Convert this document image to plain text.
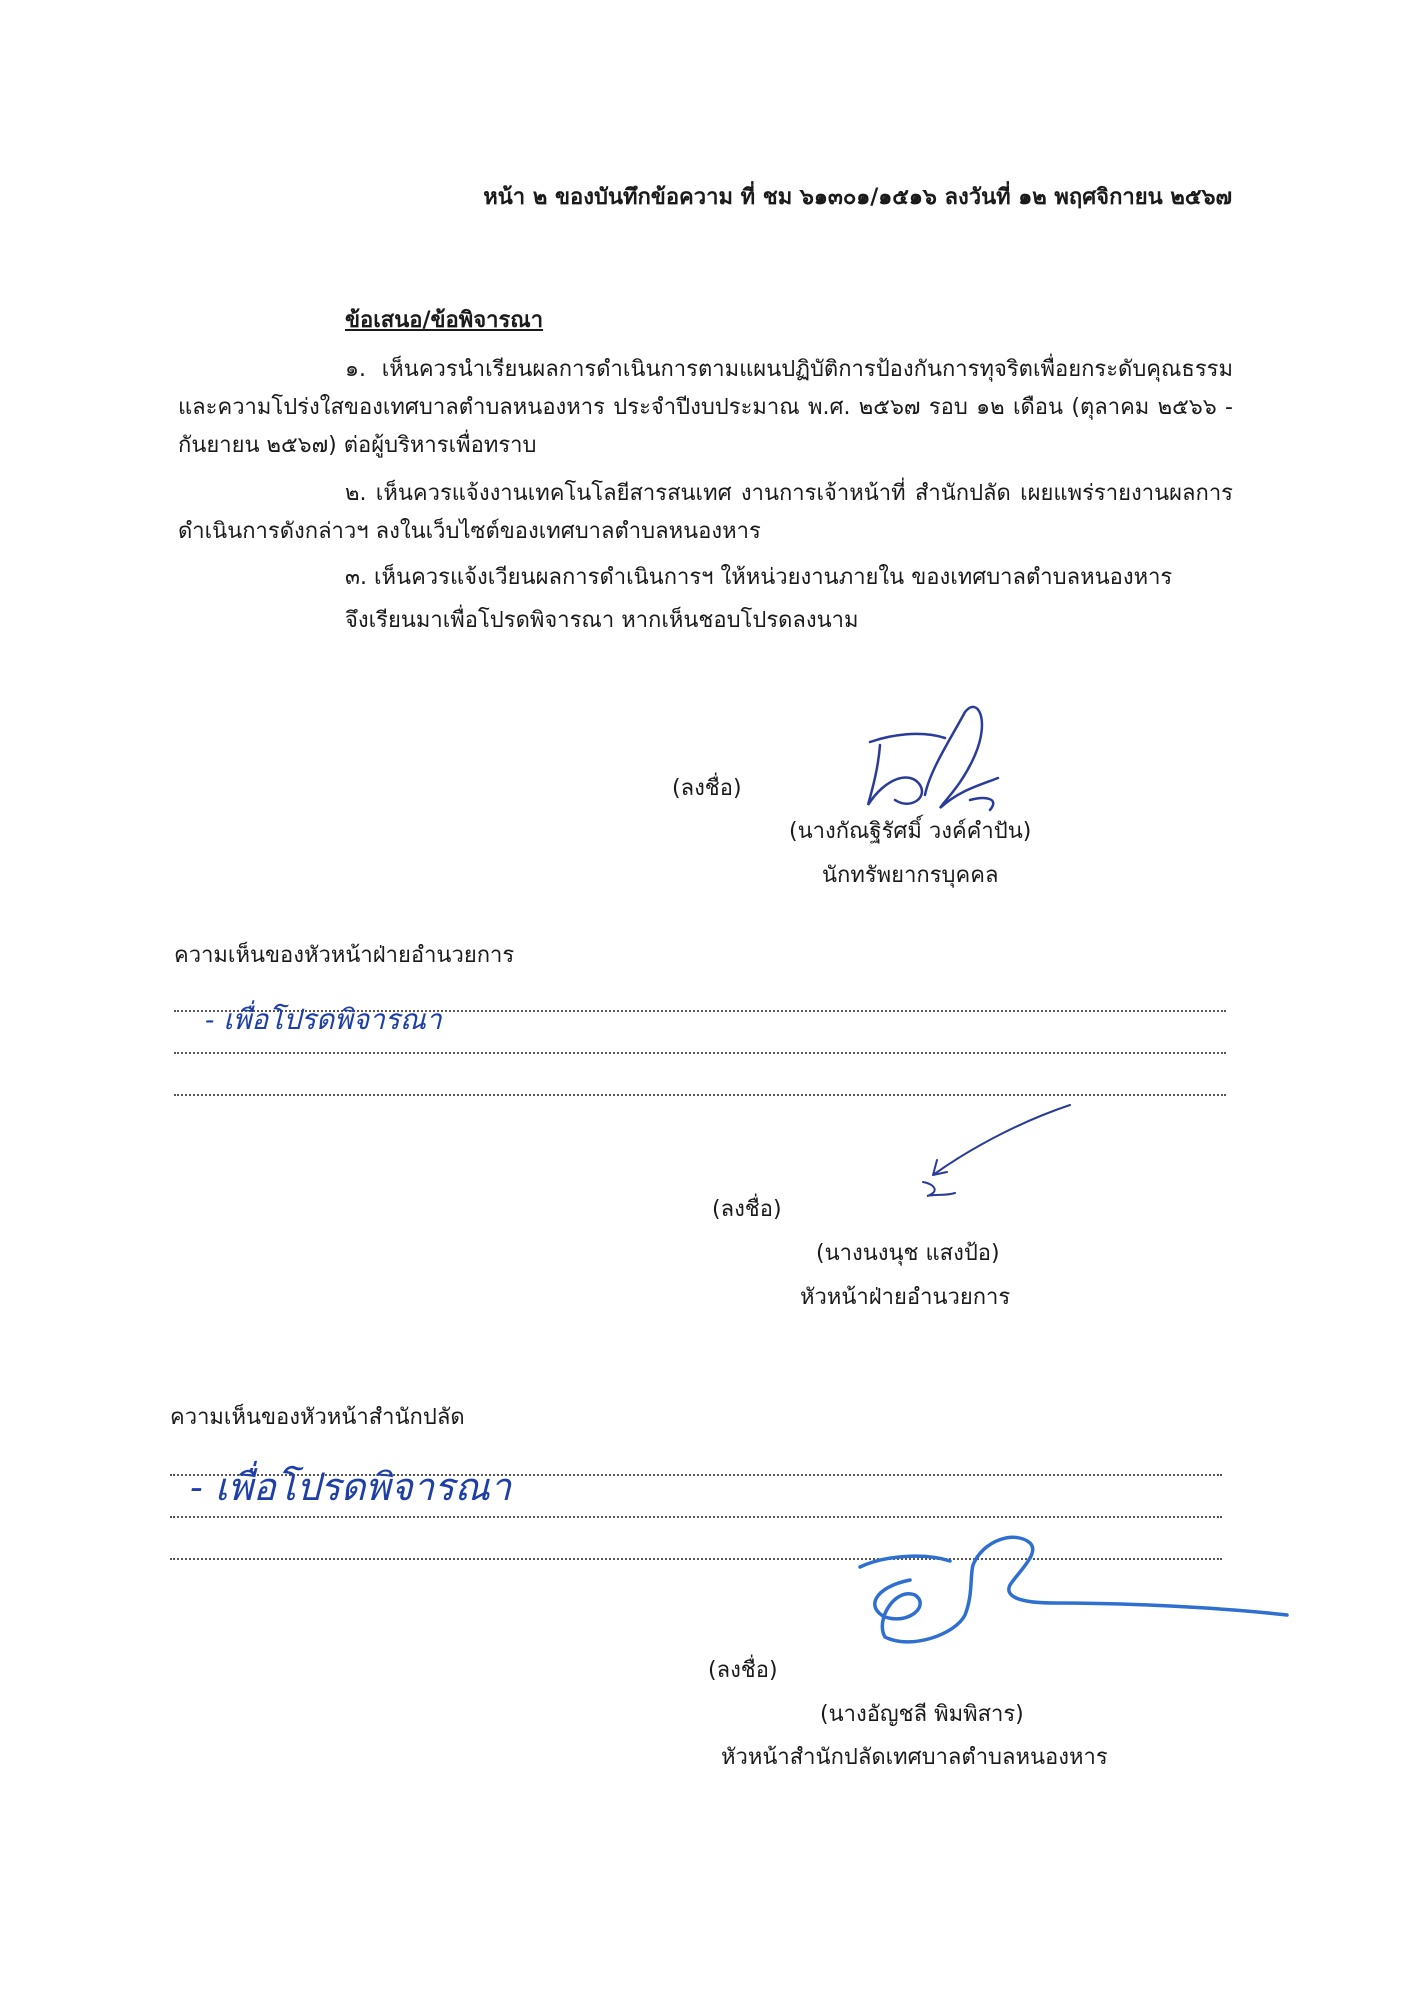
หน้า ๒ ของบันทึกข้อความ ที่ ชม ๖๑๓๐๑/๑๕๑๖ ลงวันที่ ๑๒ พฤศจิกายน ๒๕๖๗

ข้อเสนอ/ข้อพิจารณา

๑. เห็นควรนำเรียนผลการดำเนินการตามแผนปฏิบัติการป้องกันการทุจริตเพื่อยกระดับคุณธรรมและความโปร่งใสของเทศบาลตำบลหนองหาร ประจำปีงบประมาณ พ.ศ. ๒๕๖๗ รอบ ๑๒ เดือน (ตุลาคม ๒๕๖๖ - กันยายน ๒๕๖๗) ต่อผู้บริหารเพื่อทราบ

๒. เห็นควรแจ้งงานเทคโนโลยีสารสนเทศ งานการเจ้าหน้าที่ สำนักปลัด เผยแพร่รายงานผลการดำเนินการดังกล่าวฯ ลงในเว็บไซต์ของเทศบาลตำบลหนองหาร

๓. เห็นควรแจ้งเวียนผลการดำเนินการฯ ให้หน่วยงานภายใน ของเทศบาลตำบลหนองหาร

จึงเรียนมาเพื่อโปรดพิจารณา หากเห็นชอบโปรดลงนาม

(ลงชื่อ)

(นางกัณฐิรัศมิ์ วงค์คำปัน)

นักทรัพยากรบุคคล

ความเห็นของหัวหน้าฝ่ายอำนวยการ

- เพื่อโปรดพิจารณา

(ลงชื่อ)

(นางนงนุช แสงป้อ)

หัวหน้าฝ่ายอำนวยการ

ความเห็นของหัวหน้าสำนักปลัด

- เพื่อโปรดพิจารณา

(ลงชื่อ)

(นางอัญชลี พิมพิสาร)

หัวหน้าสำนักปลัดเทศบาลตำบลหนองหาร
